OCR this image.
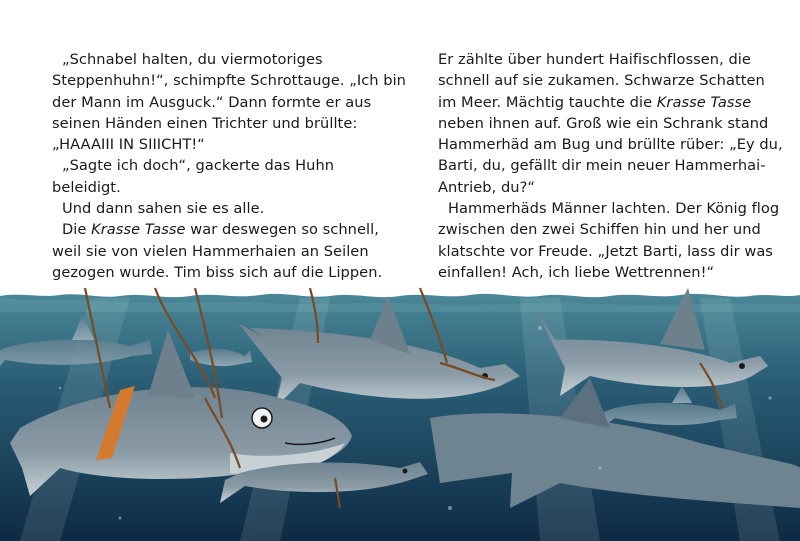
„Schnabel halten, du viermotoriges
Steppenhuhn!“, schimpfte Schrottauge. „Ich bin
der Mann im Ausguck.“ Dann formte er aus
seinen Händen einen Trichter und brüllte:
„HAAAIII IN SIIICHT!“

„Sagte ich doch“, gackerte das Huhn
beleidigt.

Und dann sahen sie es alle.

Die Krasse Tasse war deswegen so schnell,
weil sie von vielen Hammerhaien an Seilen
gezogen wurde. Tim biss sich auf die Lippen.

Er zählte über hundert Haifischflossen, die
schnell auf sie zukamen. Schwarze Schatten
im Meer. Mächtig tauchte die Krasse Tasse
neben ihnen auf. Groß wie ein Schrank stand
Hammerhäd am Bug und brüllte rüber: „Ey du,
Barti, du, gefällt dir mein neuer Hammerhai-
Antrieb, du?“

Hammerhäds Männer lachten. Der König flog
zwischen den zwei Schiffen hin und her und
klatschte vor Freude. „Jetzt Barti, lass dir was
einfallen! Ach, ich liebe Wettrennen!“
